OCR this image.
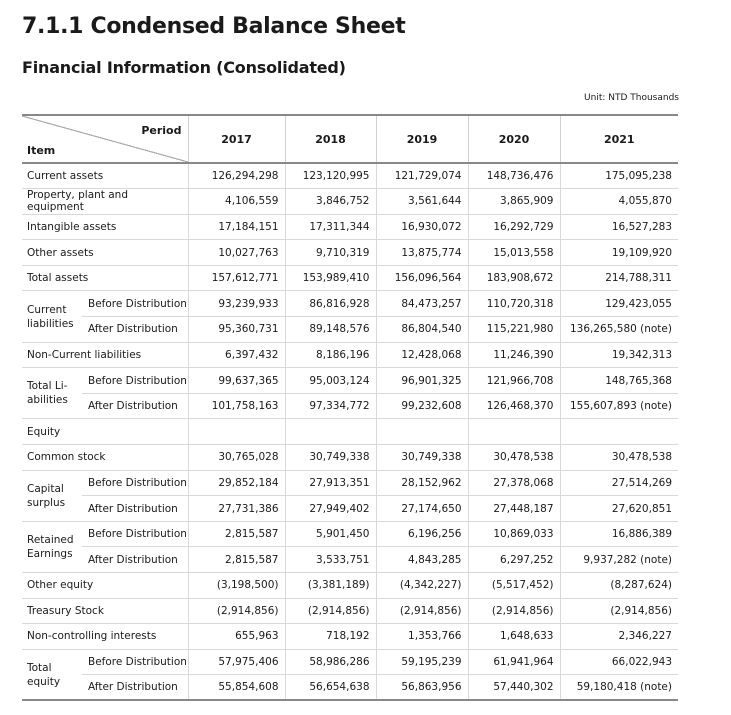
7.1.1 Condensed Balance Sheet
Financial Information (Consolidated)
Unit: NTD Thousands
Period
Item		2017	2018	2019	2020	2021
Current assets		126,294,298	123,120,995	121,729,074	148,736,476	175,095,238
Property, plant and equipment		4,106,559	3,846,752	3,561,644	3,865,909	4,055,870
Intangible assets		17,184,151	17,311,344	16,930,072	16,292,729	16,527,283
Other assets		10,027,763	9,710,319	13,875,774	15,013,558	19,109,920
Total assets		157,612,771	153,989,410	156,096,564	183,908,672	214,788,311
Current
liabilities	Before Distribution	93,239,933	86,816,928	84,473,257	110,720,318	129,423,055
	After Distribution	95,360,731	89,148,576	86,804,540	115,221,980	136,265,580 (note)
Non-Current liabilities		6,397,432	8,186,196	12,428,068	11,246,390	19,342,313
Total Li-
abilities	Before Distribution	99,637,365	95,003,124	96,901,325	121,966,708	148,765,368
	After Distribution	101,758,163	97,334,772	99,232,608	126,468,370	155,607,893 (note)
Equity						
Common stock		30,765,028	30,749,338	30,749,338	30,478,538	30,478,538
Capital
surplus	Before Distribution	29,852,184	27,913,351	28,152,962	27,378,068	27,514,269
	After Distribution	27,731,386	27,949,402	27,174,650	27,448,187	27,620,851
Retained
Earnings	Before Distribution	2,815,587	5,901,450	6,196,256	10,869,033	16,886,389
	After Distribution	2,815,587	3,533,751	4,843,285	6,297,252	9,937,282 (note)
Other equity		(3,198,500)	(3,381,189)	(4,342,227)	(5,517,452)	(8,287,624)
Treasury Stock		(2,914,856)	(2,914,856)	(2,914,856)	(2,914,856)	(2,914,856)
Non-controlling interests		655,963	718,192	1,353,766	1,648,633	2,346,227
Total
equity	Before Distribution	57,975,406	58,986,286	59,195,239	61,941,964	66,022,943
	After Distribution	55,854,608	56,654,638	56,863,956	57,440,302	59,180,418 (note)
